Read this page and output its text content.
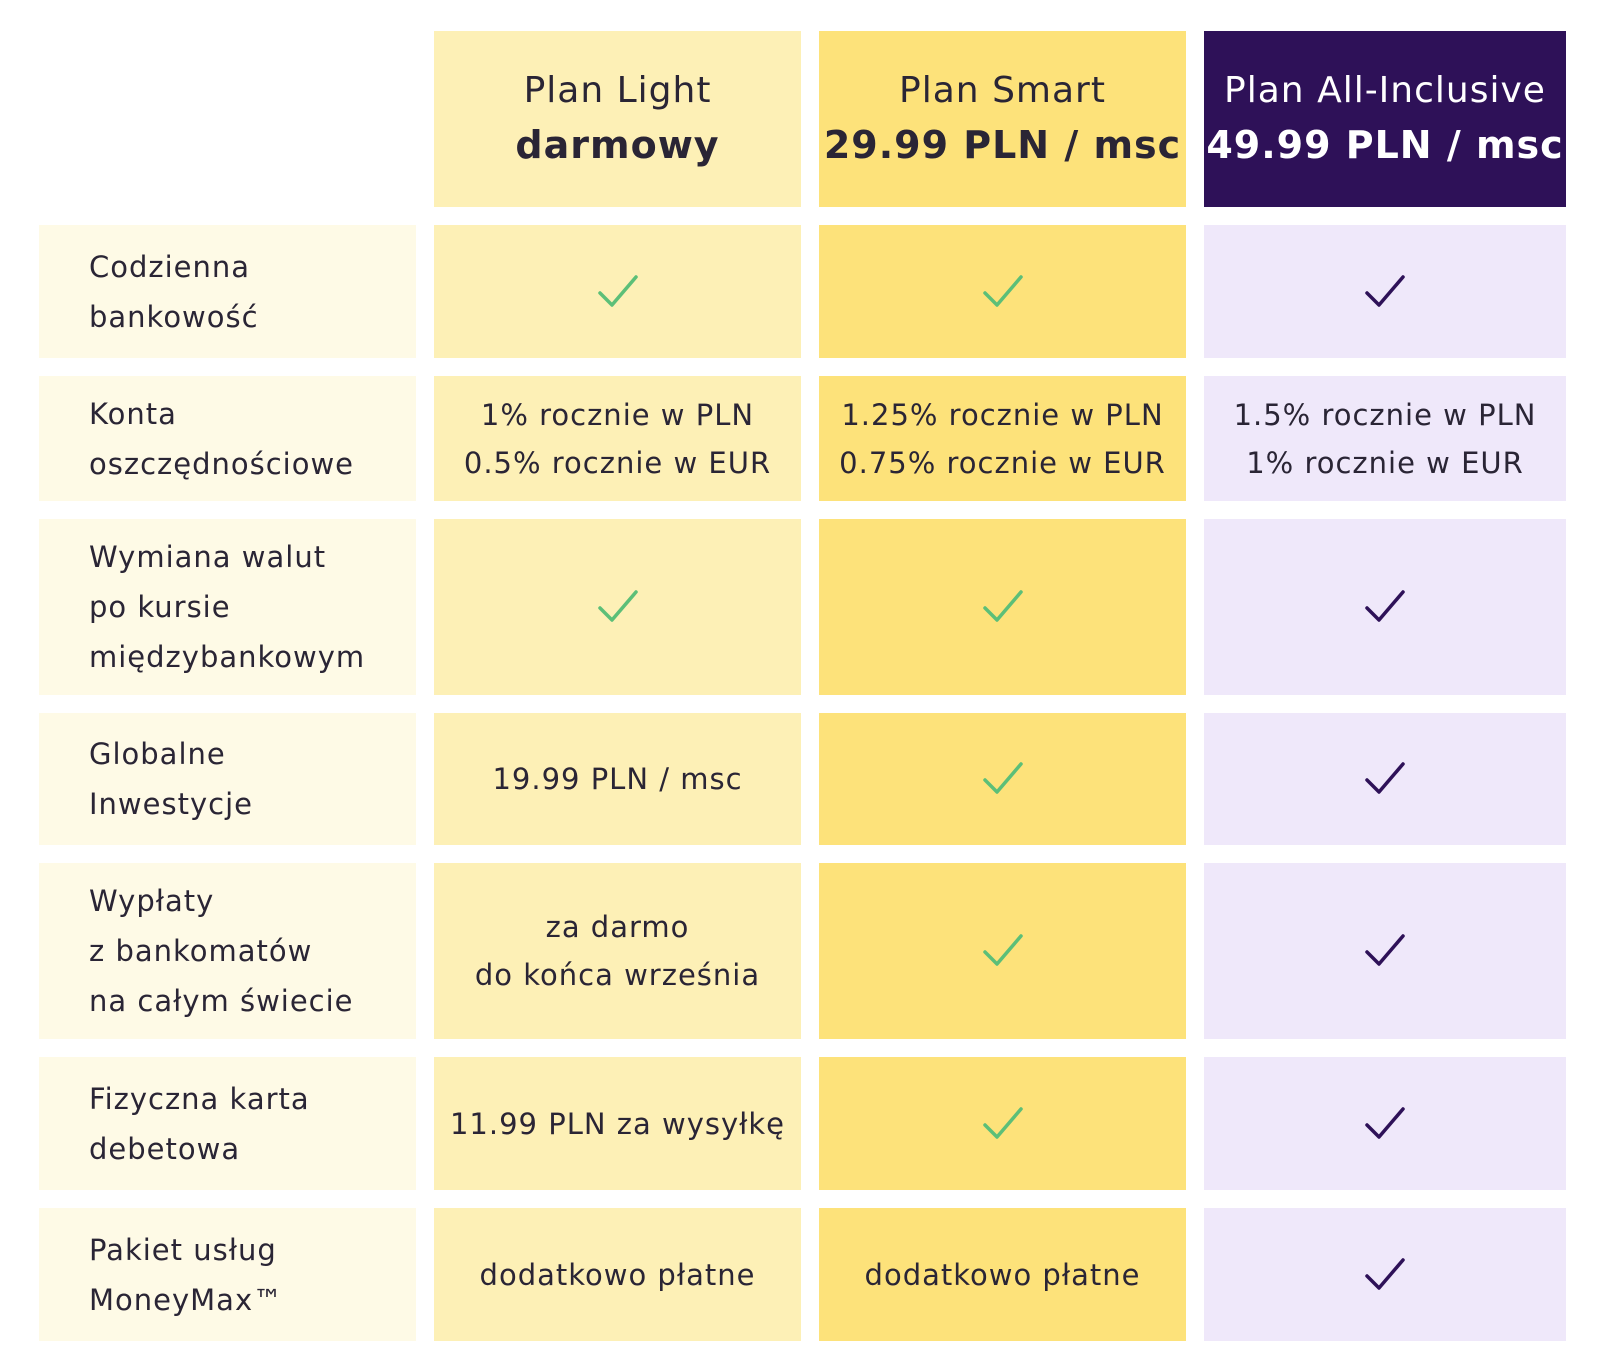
Plan Light
darmowy
Plan Smart
29.99 PLN / msc
Plan All-Inclusive
49.99 PLN / msc
Codzienna
bankowość
Konta
oszczędnościowe
1% rocznie w PLN
0.5% rocznie w EUR
1.25% rocznie w PLN
0.75% rocznie w EUR
1.5% rocznie w PLN
1% rocznie w EUR
Wymiana walut
po kursie
międzybankowym
Globalne
Inwestycje
19.99 PLN / msc
Wypłaty
z bankomatów
na całym świecie
za darmo
do końca września
Fizyczna karta
debetowa
11.99 PLN za wysyłkę
Pakiet usług
MoneyMax™
dodatkowo płatne	dodatkowo płatne
